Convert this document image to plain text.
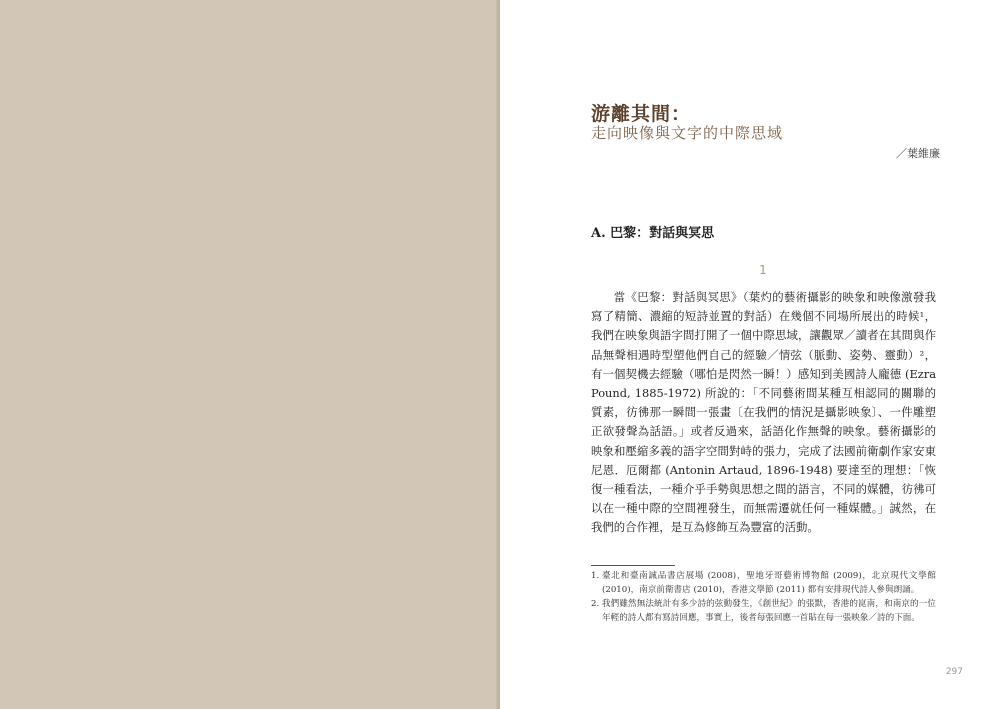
游離其間：
走向映像與文字的中際思域
／葉維廉
A. 巴黎：對話與冥思
1

當《巴黎：對話與冥思》（葉灼的藝術攝影的映象和映像激發我寫了精簡、濃縮的短詩並置的對話）在幾個不同場所展出的時候¹，我們在映象與語字間打開了一個中際思域，讓觀眾／讀者在其間與作品無聲相遇時型塑他們自己的經驗／情弦（脈動、姿勢、靈動）²，有一個契機去經驗（哪怕是閃然一瞬！）感知到美國詩人龐德 (Ezra Pound, 1885-1972) 所說的：「不同藝術間某種互相認同的關聯的質素，彷彿那一瞬間一張畫〔在我們的情況是攝影映象〕、一件雕塑正欲發聲為話語。」或者反過來，話語化作無聲的映象。藝術攝影的映象和壓縮多義的語字空間對峙的張力，完成了法國前衛劇作家安東尼恩．厄爾都 (Antonin Artaud, 1896-1948) 要達至的理想：「恢復一種看法，一種介乎手勢與思想之間的語言，不同的媒體，彷彿可以在一種中際的空間裡發生，而無需遷就任何一種媒體。」誠然，在我們的合作裡，是互為修飾互為豐富的活動。

1. 臺北和臺南誠品書店展場 (2008)，聖地牙哥藝術博物館 (2009)，北京現代文學館 (2010)，南京前衛書店 (2010)，香港文學節 (2011) 都有安排現代詩人參與朗誦。
2. 我們雖然無法統計有多少詩的弦動發生，《創世紀》的張默，香港的崑南，和南京的一位年輕的詩人都有寫詩回應，事實上，後者每張回應一首貼在每一張映象／詩的下面。
297
